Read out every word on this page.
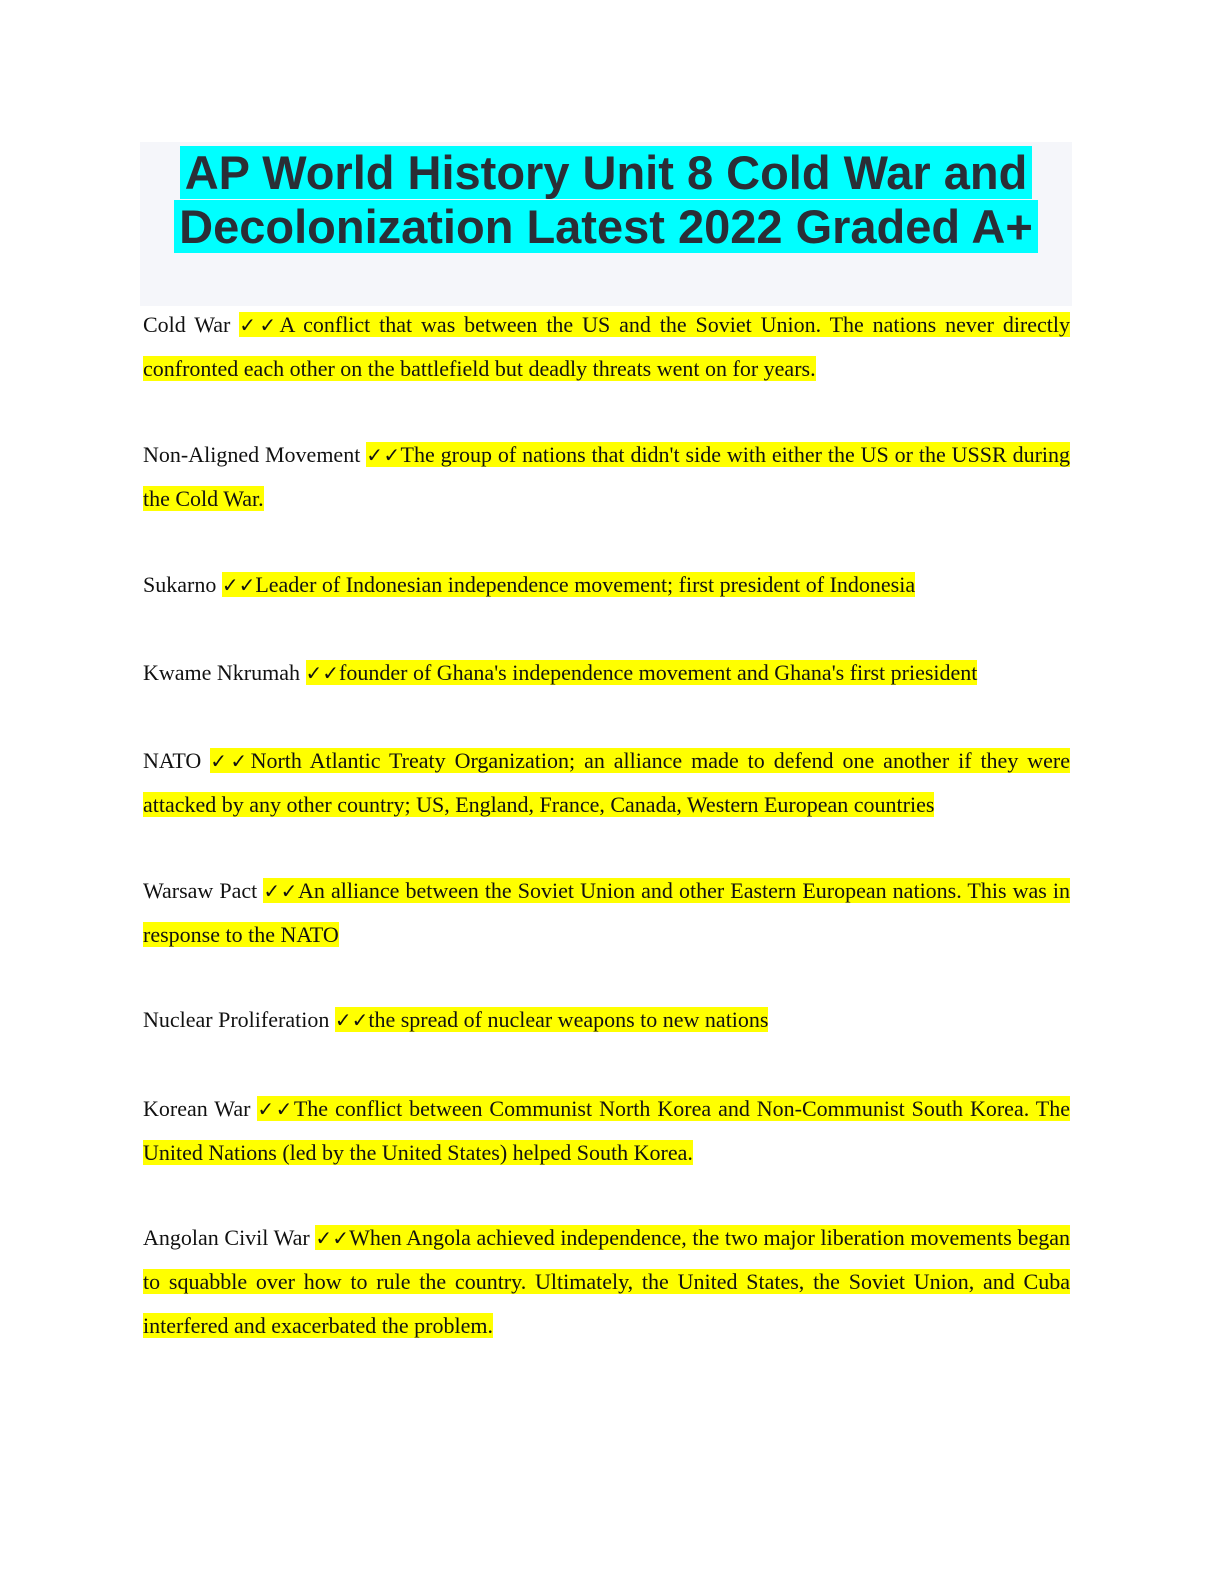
AP World History Unit 8 Cold War and
Decolonization Latest 2022 Graded A+

Cold War ✓✓A conflict that was between the US and the Soviet Union. The nations never directly confronted each other on the battlefield but deadly threats went on for years.

Non-Aligned Movement ✓✓The group of nations that didn't side with either the US or the USSR during the Cold War.

Sukarno ✓✓Leader of Indonesian independence movement; first president of Indonesia

Kwame Nkrumah ✓✓founder of Ghana's independence movement and Ghana's first priesident

NATO ✓✓North Atlantic Treaty Organization; an alliance made to defend one another if they were attacked by any other country; US, England, France, Canada, Western European countries

Warsaw Pact ✓✓An alliance between the Soviet Union and other Eastern European nations. This was in response to the NATO

Nuclear Proliferation ✓✓the spread of nuclear weapons to new nations

Korean War ✓✓The conflict between Communist North Korea and Non-Communist South Korea. The United Nations (led by the United States) helped South Korea.

Angolan Civil War ✓✓When Angola achieved independence, the two major liberation movements began to squabble over how to rule the country. Ultimately, the United States, the Soviet Union, and Cuba interfered and exacerbated the problem.
